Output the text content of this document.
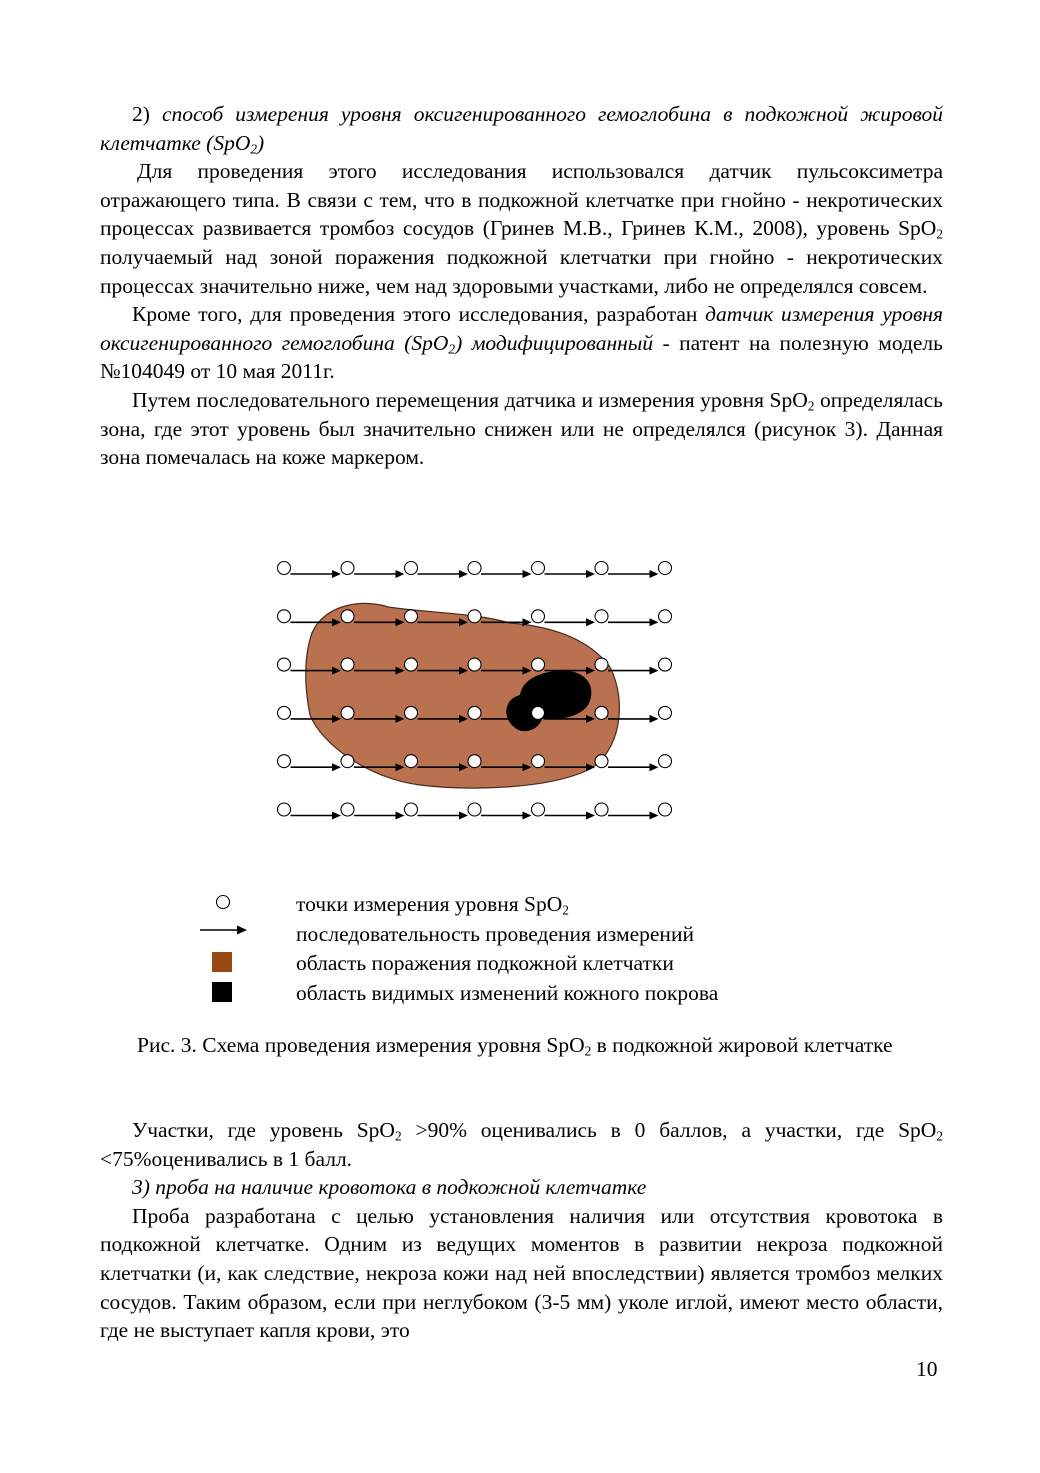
2) способ измерения уровня оксигенированного гемоглобина в подкожной жировой клетчатке (SpO$_2$)

Для проведения этого исследования использовался датчик пульсоксиметра отражающего типа. В связи с тем, что в подкожной клетчатке при гнойно - некротических процессах развивается тромбоз сосудов (Гринев М.В., Гринев К.М., 2008), уровень SpO$_2$ получаемый над зоной поражения подкожной клетчатки при гнойно - некротических процессах значительно ниже, чем над здоровыми участками, либо не определялся совсем.

Кроме того, для проведения этого исследования, разработан датчик измерения уровня оксигенированного гемоглобина (SpO$_2$) модифицированный - патент на полезную модель №104049 от 10 мая 2011г.

Путем последовательного перемещения датчика и измерения уровня SpO$_2$ определялась зона, где этот уровень был значительно снижен или не определялся (рисунок 3). Данная зона помечалась на коже маркером.

точки измерения уровня SpO$_2$
последовательность проведения измерений
область поражения подкожной клетчатки
область видимых изменений кожного покрова

Рис. 3. Схема проведения измерения уровня SpO$_2$ в подкожной жировой клетчатке

Участки, где уровень SpO$_2$ >90% оценивались в 0 баллов, а участки, где SpO$_2$ <75%оценивались в 1 балл.

3) проба на наличие кровотока в подкожной клетчатке

Проба разработана с целью установления наличия или отсутствия кровотока в подкожной клетчатке. Одним из ведущих моментов в развитии некроза подкожной клетчатки (и, как следствие, некроза кожи над ней впоследствии) является тромбоз мелких сосудов. Таким образом, если при неглубоком (3-5 мм) уколе иглой, имеют место области, где не выступает капля крови, это

10
